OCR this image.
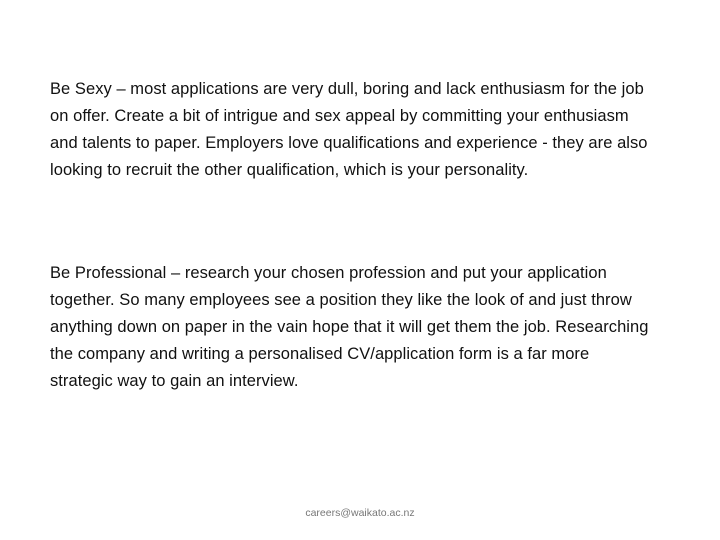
Be Sexy – most applications are very dull, boring and lack enthusiasm for the job on offer. Create a bit of intrigue and sex appeal by committing your enthusiasm and talents to paper. Employers love qualifications and experience - they are also looking to recruit the other qualification, which is your personality.

Be Professional – research your chosen profession and put your application together. So many employees see a position they like the look of and just throw anything down on paper in the vain hope that it will get them the job. Researching the company and writing a personalised CV/application form is a far more strategic way to gain an interview.

careers@waikato.ac.nz
